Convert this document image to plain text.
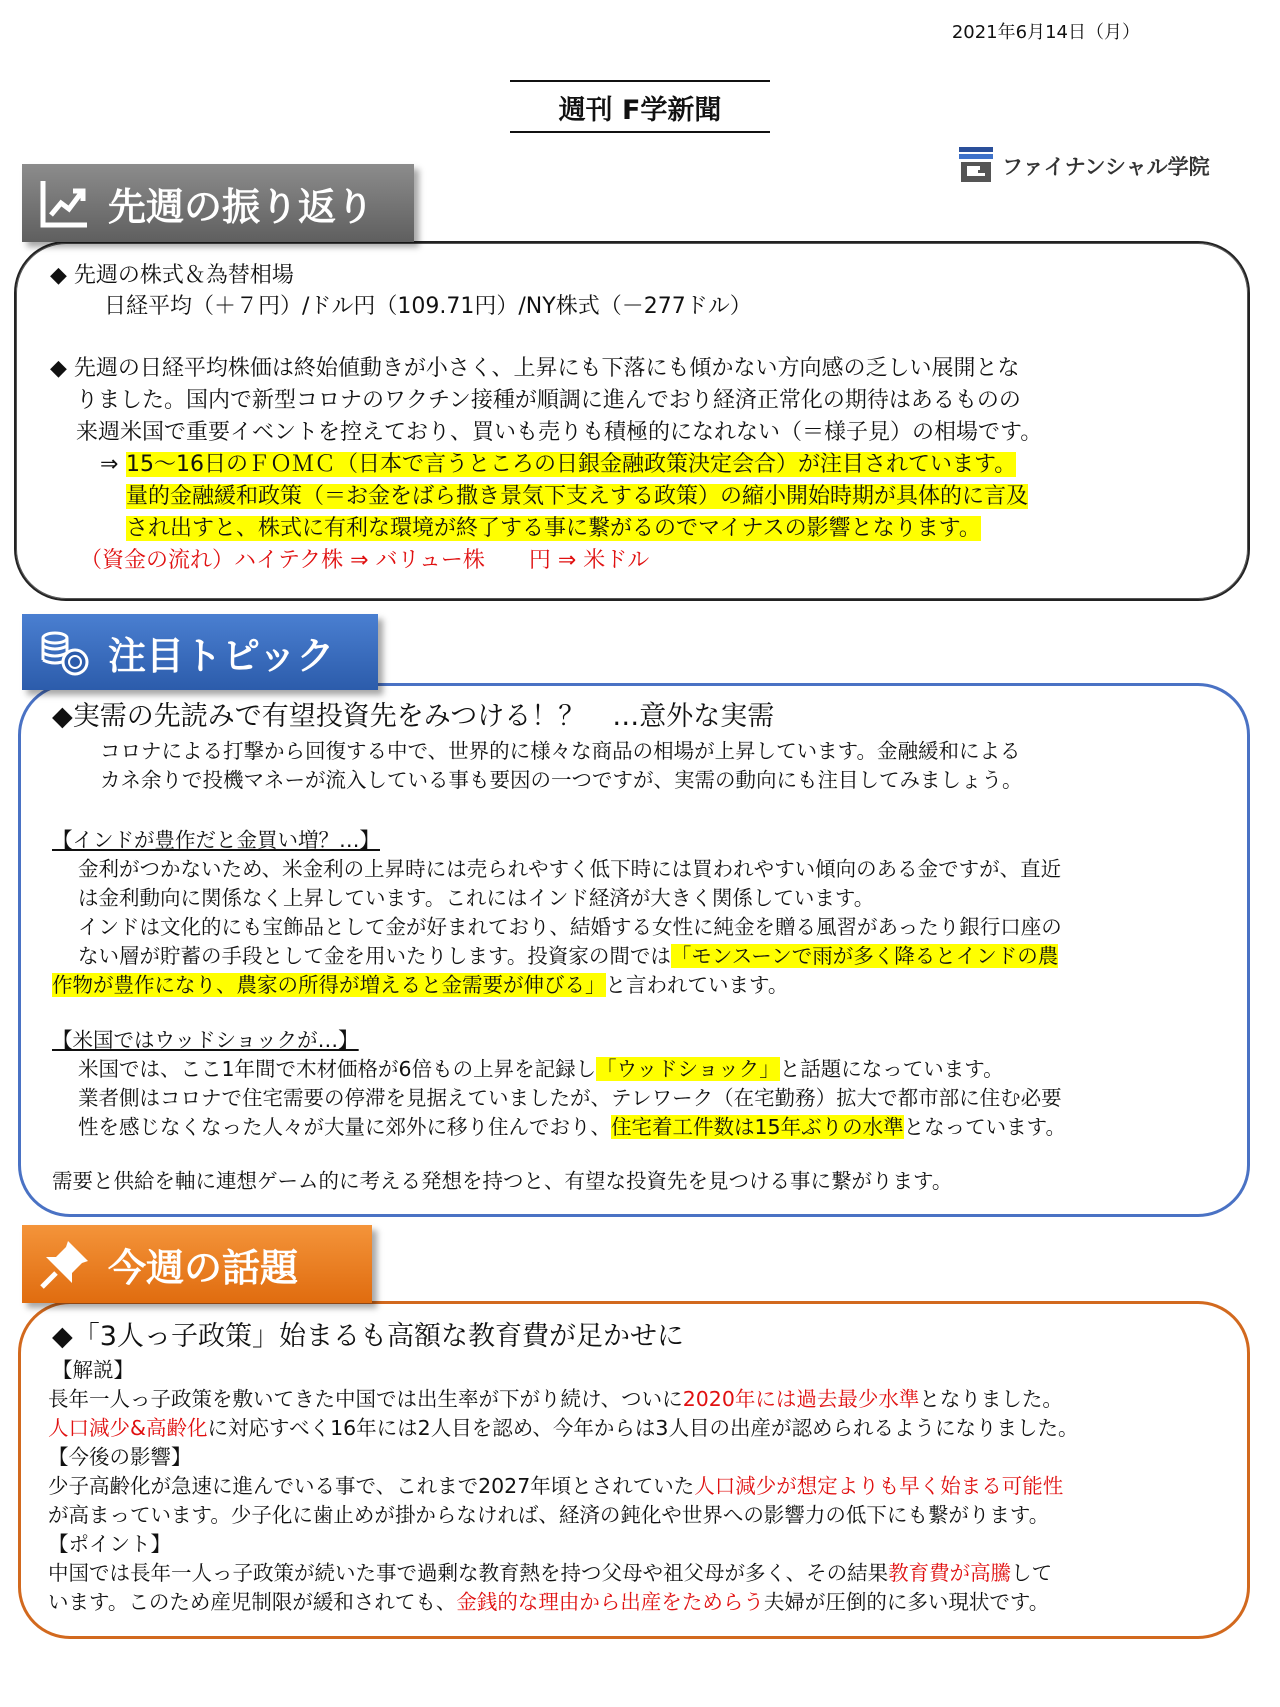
2021年6月14日（月）
週刊 F学新聞
ファイナンシャル学院
先週の振り返り
◆ 先週の株式＆為替相場
日経平均（＋７円）/ドル円（109.71円）/NY株式（－277ドル）
◆ 先週の日経平均株価は終始値動きが小さく、上昇にも下落にも傾かない方向感の乏しい展開とな
りました。国内で新型コロナのワクチン接種が順調に進んでおり経済正常化の期待はあるものの
来週米国で重要イベントを控えており、買いも売りも積極的になれない（＝様子見）の相場です。
⇒ 15～16日のＦＯＭＣ（日本で言うところの日銀金融政策決定会合）が注目されています。
量的金融緩和政策（＝お金をばら撒き景気下支えする政策）の縮小開始時期が具体的に言及
され出すと、株式に有利な環境が終了する事に繋がるのでマイナスの影響となります。
（資金の流れ）ハイテク株 ⇒ バリュー株　　円 ⇒ 米ドル
注目トピック
◆実需の先読みで有望投資先をみつける！？　…意外な実需
コロナによる打撃から回復する中で、世界的に様々な商品の相場が上昇しています。金融緩和による
カネ余りで投機マネーが流入している事も要因の一つですが、実需の動向にも注目してみましょう。
【インドが豊作だと金買い増？…】
金利がつかないため、米金利の上昇時には売られやすく低下時には買われやすい傾向のある金ですが、直近
は金利動向に関係なく上昇しています。これにはインド経済が大きく関係しています。
インドは文化的にも宝飾品として金が好まれており、結婚する女性に純金を贈る風習があったり銀行口座の
ない層が貯蓄の手段として金を用いたりします。投資家の間では「モンスーンで雨が多く降るとインドの農
作物が豊作になり、農家の所得が増えると金需要が伸びる」と言われています。
【米国ではウッドショックが…】
米国では、ここ1年間で木材価格が6倍もの上昇を記録し「ウッドショック」と話題になっています。
業者側はコロナで住宅需要の停滞を見据えていましたが、テレワーク（在宅勤務）拡大で都市部に住む必要
性を感じなくなった人々が大量に郊外に移り住んでおり、住宅着工件数は15年ぶりの水準となっています。
需要と供給を軸に連想ゲーム的に考える発想を持つと、有望な投資先を見つける事に繋がります。
今週の話題
◆「3人っ子政策」始まるも高額な教育費が足かせに
【解説】
長年一人っ子政策を敷いてきた中国では出生率が下がり続け、ついに2020年には過去最少水準となりました。
人口減少&高齢化に対応すべく16年には2人目を認め、今年からは3人目の出産が認められるようになりました。
【今後の影響】
少子高齢化が急速に進んでいる事で、これまで2027年頃とされていた人口減少が想定よりも早く始まる可能性
が高まっています。少子化に歯止めが掛からなければ、経済の鈍化や世界への影響力の低下にも繋がります。
【ポイント】
中国では長年一人っ子政策が続いた事で過剰な教育熱を持つ父母や祖父母が多く、その結果教育費が高騰して
います。このため産児制限が緩和されても、金銭的な理由から出産をためらう夫婦が圧倒的に多い現状です。
